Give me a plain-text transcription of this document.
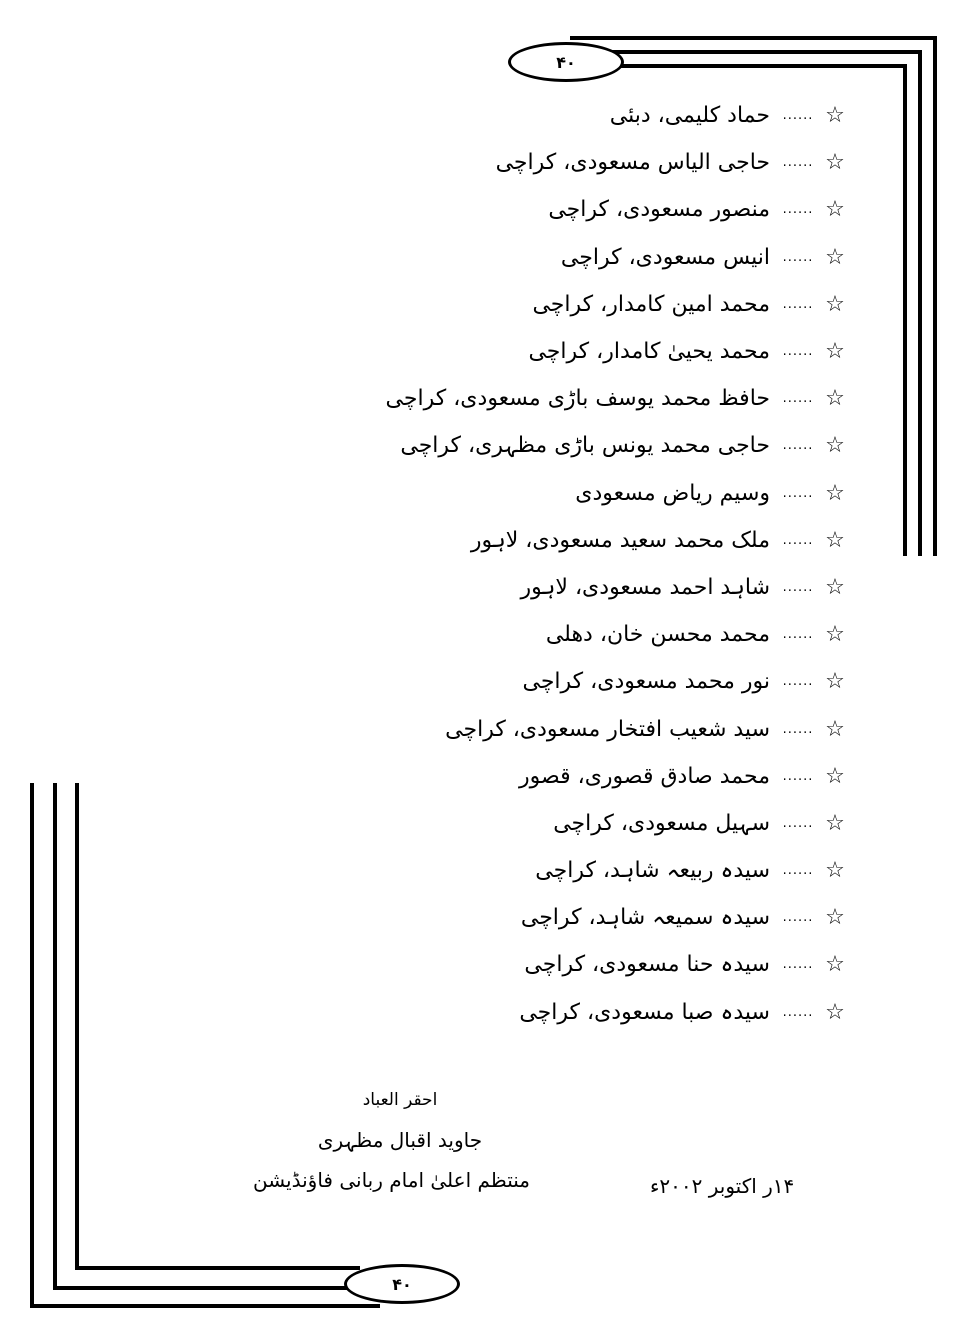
۴۰
۴۰
☆
......
حماد کلیمی، دبئی
☆
......
حاجی الیاس مسعودی، کراچی
☆
......
منصور مسعودی، کراچی
☆
......
انیس مسعودی، کراچی
☆
......
محمد امین کامدار، کراچی
☆
......
محمد یحییٰ کامدار، کراچی
☆
......
حافظ محمد یوسف باڑی مسعودی، کراچی
☆
......
حاجی محمد یونس باڑی مظہری، کراچی
☆
......
وسیم ریاض مسعودی
☆
......
ملک محمد سعید مسعودی، لاہور
☆
......
شاہد احمد مسعودی، لاہور
☆
......
محمد محسن خان، دھلی
☆
......
نور محمد مسعودی، کراچی
☆
......
سید شعیب افتخار مسعودی، کراچی
☆
......
محمد صادق قصوری، قصور
☆
......
سہیل مسعودی، کراچی
☆
......
سیدہ ربیعہ شاہد، کراچی
☆
......
سیدہ سمیعہ شاہد، کراچی
☆
......
سیدہ حنا مسعودی، کراچی
☆
......
سیدہ صبا مسعودی، کراچی
احقر العباد
جاوید اقبال مظہری
منتظم اعلیٰ امام ربانی فاؤنڈیشن	۱۴ر اکتوبر ۲۰۰۲ء
